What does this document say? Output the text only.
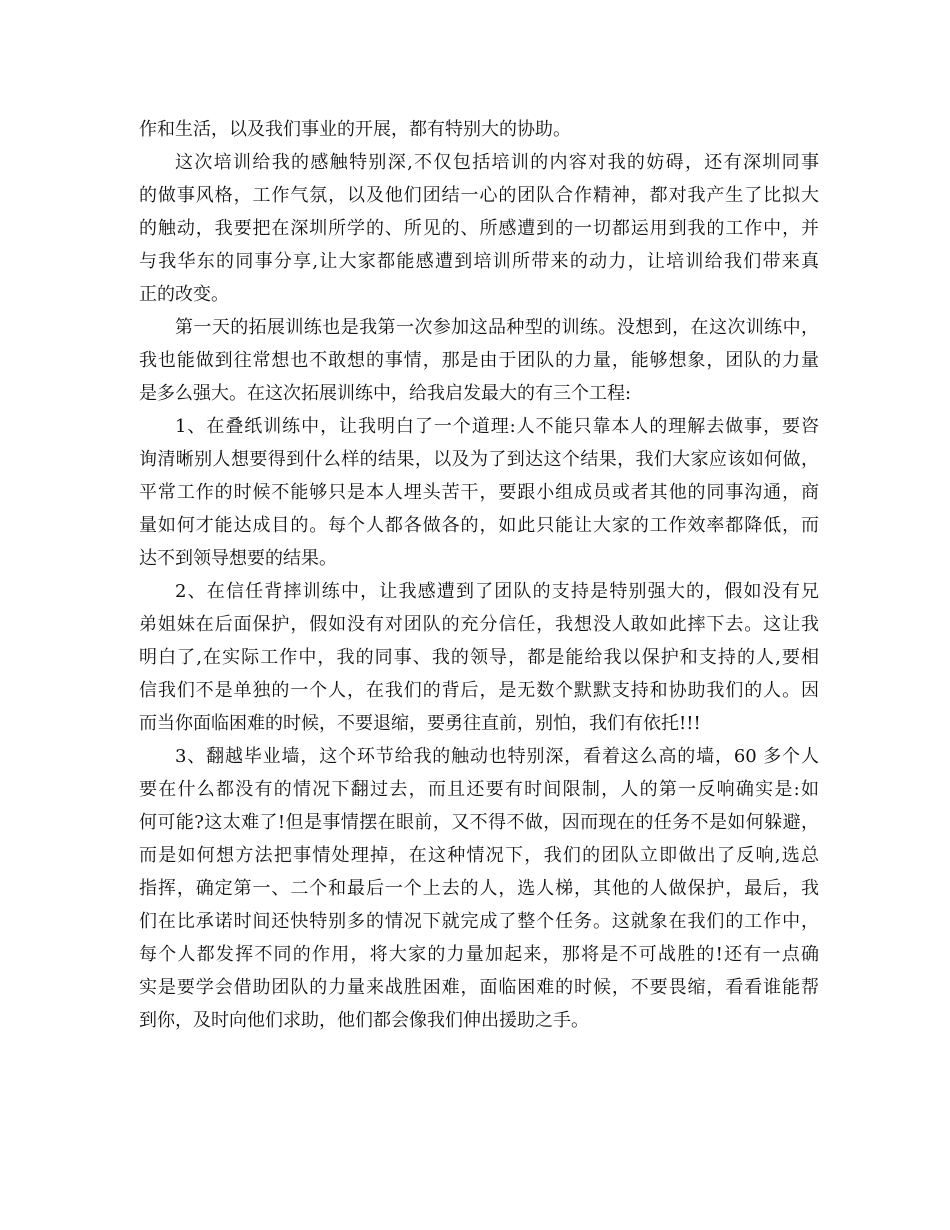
作和生活，以及我们事业的开展，都有特别大的协助。
这次培训给我的感触特别深,不仅包括培训的内容对我的妨碍，还有深圳同事
的做事风格，工作气氛，以及他们团结一心的团队合作精神，都对我产生了比拟大
的触动，我要把在深圳所学的、所见的、所感遭到的一切都运用到我的工作中，并
与我华东的同事分享,让大家都能感遭到培训所带来的动力，让培训给我们带来真
正的改变。
第一天的拓展训练也是我第一次参加这品种型的训练。没想到，在这次训练中，
我也能做到往常想也不敢想的事情，那是由于团队的力量，能够想象，团队的力量
是多么强大。在这次拓展训练中，给我启发最大的有三个工程:
1、在叠纸训练中，让我明白了一个道理:人不能只靠本人的理解去做事，要咨
询清晰别人想要得到什么样的结果，以及为了到达这个结果，我们大家应该如何做，
平常工作的时候不能够只是本人埋头苦干，要跟小组成员或者其他的同事沟通，商
量如何才能达成目的。每个人都各做各的，如此只能让大家的工作效率都降低，而
达不到领导想要的结果。
2、在信任背摔训练中，让我感遭到了团队的支持是特别强大的，假如没有兄
弟姐妹在后面保护，假如没有对团队的充分信任，我想没人敢如此摔下去。这让我
明白了,在实际工作中，我的同事、我的领导，都是能给我以保护和支持的人,要相
信我们不是单独的一个人，在我们的背后，是无数个默默支持和协助我们的人。因
而当你面临困难的时候，不要退缩，要勇往直前，别怕，我们有依托!!!
3、翻越毕业墙，这个环节给我的触动也特别深，看着这么高的墙，60 多个人
要在什么都没有的情况下翻过去，而且还要有时间限制，人的第一反响确实是:如
何可能?这太难了!但是事情摆在眼前，又不得不做，因而现在的任务不是如何躲避，
而是如何想方法把事情处理掉，在这种情况下，我们的团队立即做出了反响,选总
指挥，确定第一、二个和最后一个上去的人，选人梯，其他的人做保护，最后，我
们在比承诺时间还快特别多的情况下就完成了整个任务。这就象在我们的工作中，
每个人都发挥不同的作用，将大家的力量加起来，那将是不可战胜的!还有一点确
实是要学会借助团队的力量来战胜困难，面临困难的时候，不要畏缩，看看谁能帮
到你，及时向他们求助，他们都会像我们伸出援助之手。
